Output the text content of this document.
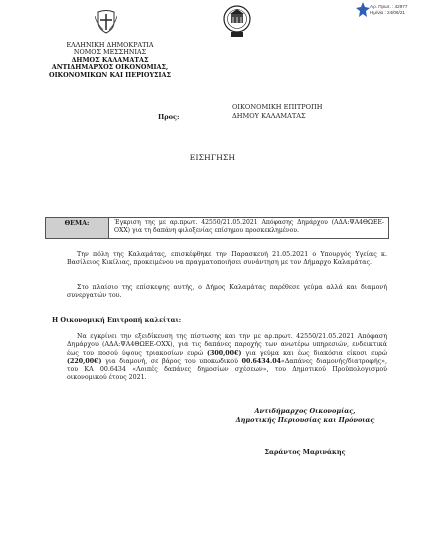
Αρ. Πρωτ. : 42977
Ημ/νία : 24/06/21
ΕΛΛΗΝΙΚΗ ΔΗΜΟΚΡΑΤΙΑ
ΝΟΜΟΣ ΜΕΣΣΗΝΙΑΣ
ΔΗΜΟΣ ΚΑΛΑΜΑΤΑΣ
ΑΝΤΙΔΗΜΑΡΧΟΣ ΟΙΚΟΝΟΜΙΑΣ,
ΟΙΚΟΝΟΜΙΚΩΝ ΚΑΙ ΠΕΡΙΟΥΣΙΑΣ
Προς:
ΟΙΚΟΝΟΜΙΚΗ ΕΠΙΤΡΟΠΗ
ΔΗΜΟΥ ΚΑΛΑΜΑΤΑΣ
ΕΙΣΗΓΗΣΗ
ΘΕΜΑ:	Έγκριση της με αρ.πρωτ. 42550/21.05.2021 Απόφασης Δημάρχου (ΑΔΑ:ΨΑ4ΘΩΕΕ-ΟΧΧ) για τη δαπάνη φιλοξενίας επίσημου προσκεκλημένου.
Την πόλη της Καλαμάτας, επισκέφθηκε την Παρασκευή 21.05.2021 ο Υπουργός Υγείας κ. Βασίλειος Κικίλιας, προκειμένου να πραγματοποιήσει συνάντηση με τον Δήμαρχο Καλαμάτας.
Στο πλαίσιο της επίσκεψης αυτής, ο Δήμος Καλαμάτας παρέθεσε γεύμα αλλά και διαμονή συνεργατών του.
Η Οικονομική Επιτροπή καλείται:
Να εγκρίνει την εξειδίκευση της πίστωσης και την με αρ.πρωτ. 42550/21.05.2021 Απόφαση Δημάρχου (ΑΔΑ:ΨΑ4ΘΩΕΕ-ΟΧΧ), για τις δαπάνες παροχής των ανωτέρω υπηρεσιών, ενδεικτικά έως του ποσού ύψους τριακοσίων ευρώ (300,00€) για γεύμα και έως διακόσια είκοσι ευρώ (220,00€) για διαμονή, σε βάρος του υποκωδικού 00.6434.04«Δαπάνες διαμονής/διατροφής», του ΚΑ 00.6434 «Λοιπές δαπάνες δημοσίων σχέσεων», του Δημοτικού Προϋπολογισμού οικονομικού έτους 2021.
Αντιδήμαρχος Οικονομίας,
Δημοτικής Περιουσίας και Πρόνοιας
Σαράντος Μαρινάκης
